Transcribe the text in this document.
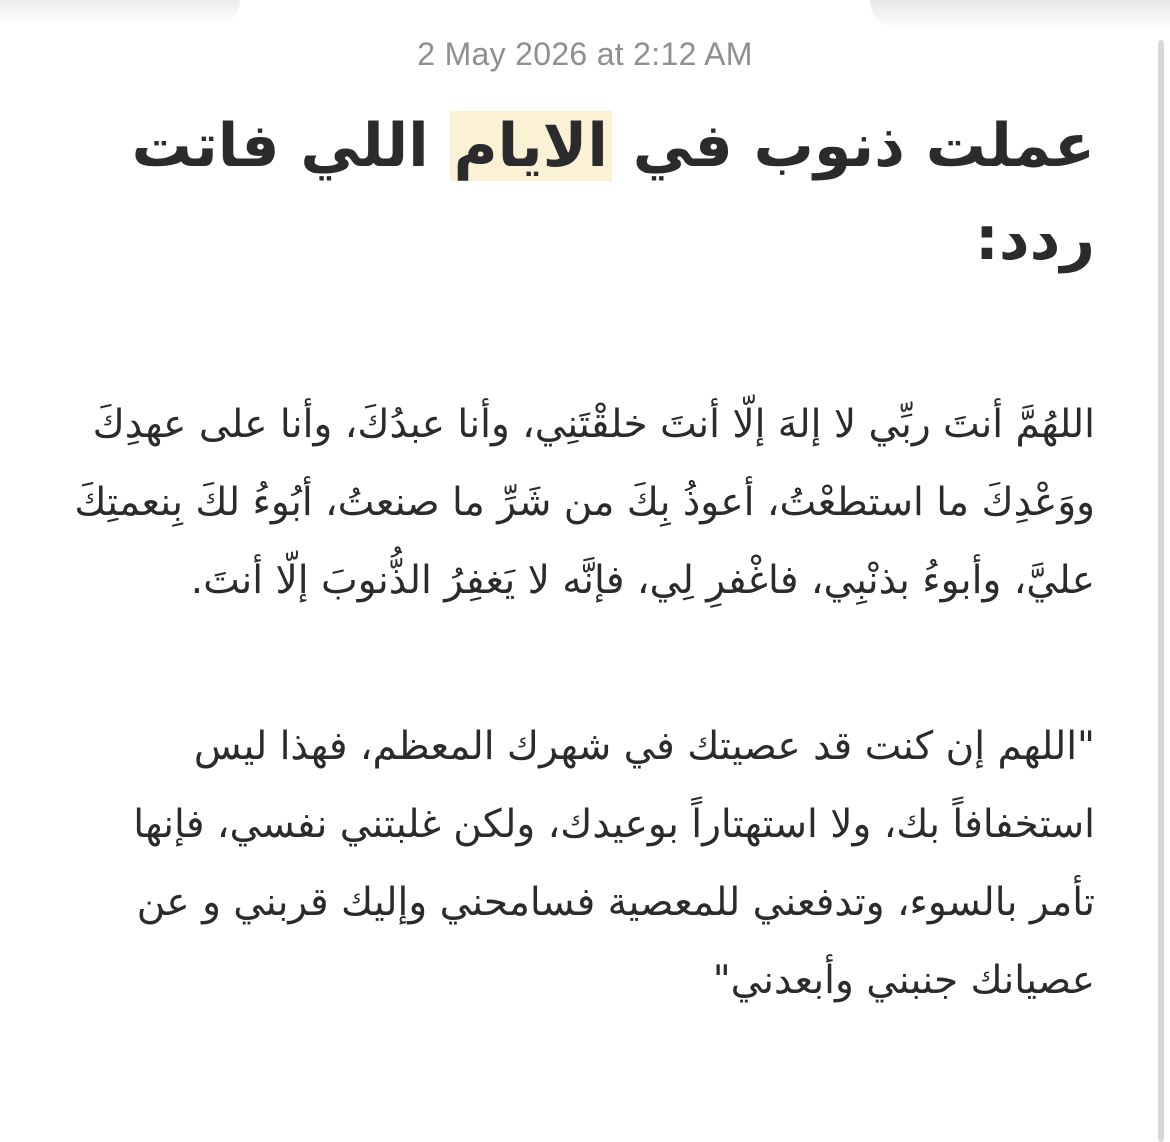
2 May 2026 at 2:12 AM
عملت ذنوب في الايام اللي فاتت
ردد:

اللهُمَّ أنتَ ربِّي لا إلهَ إلّا أنتَ خلقْتَنِي، وأنا عبدُكَ، وأنا على عهدِكَ ووَعْدِكَ ما استطعْتُ، أعوذُ بِكَ من شَرِّ ما صنعتُ، أبُوءُ لكَ بِنعمتِكَ عليَّ، وأبوءُ بذنْبِي، فاغْفرِ لِي، فإنَّه لا يَغفِرُ الذُّنوبَ إلّا أنتَ.

"اللهم إن كنت قد عصيتك في شهرك المعظم، فهذا ليس استخفافاً بك، ولا استهتاراً بوعيدك، ولكن غلبتني نفسي، فإنها تأمر بالسوء، وتدفعني للمعصية فسامحني وإليك قربني و عن عصيانك جنبني وأبعدني"
